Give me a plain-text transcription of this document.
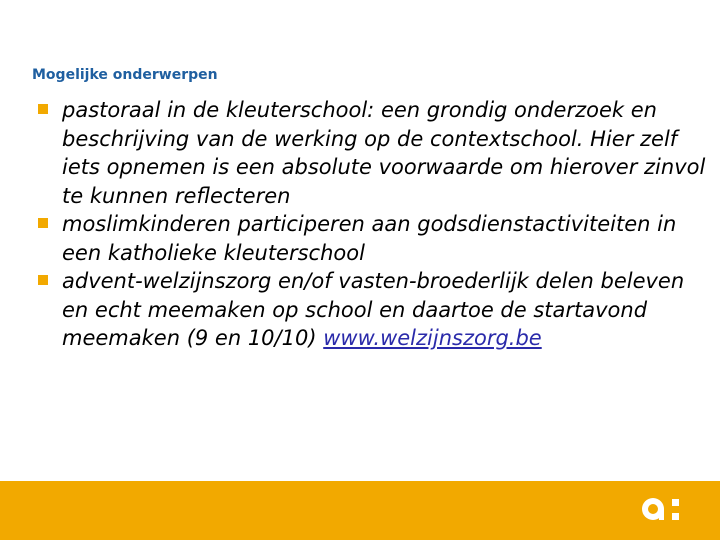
Mogelijke onderwerpen
pastoraal in de kleuterschool: een grondig onderzoek en beschrijving van de werking op de contextschool. Hier zelf iets opnemen is een absolute voorwaarde om hierover zinvol te kunnen reflecteren
moslimkinderen participeren aan godsdienstactiviteiten in een katholieke kleuterschool
advent-welzijnszorg en/of vasten-broederlijk delen beleven en echt meemaken op school en daartoe de startavond meemaken (9 en 10/10) www.welzijnszorg.be
